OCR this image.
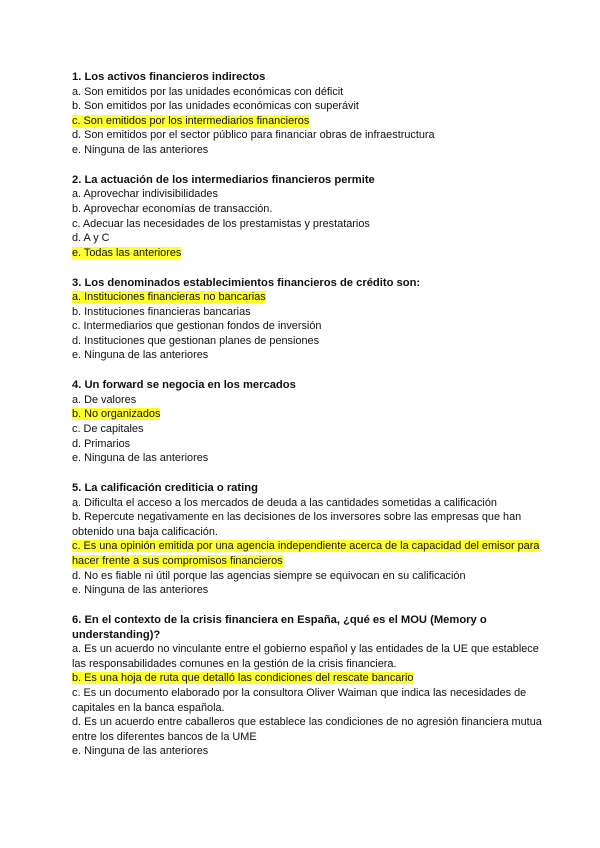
1. Los activos financieros indirectos

a. Son emitidos por las unidades económicas con déficit

b. Son emitidos por las unidades económicas con superávit

c. Son emitidos por los intermediarios financieros

d. Son emitidos por el sector público para financiar obras de infraestructura

e. Ninguna de las anteriores

2. La actuación de los intermediarios financieros permite

a. Aprovechar indivisibilidades

b. Aprovechar economías de transacción.

c. Adecuar las necesidades de los prestamistas y prestatarios

d. A y C

e. Todas las anteriores

3. Los denominados establecimientos financieros de crédito son:

a. Instituciones financieras no bancarias

b. Instituciones financieras bancarias

c. Intermediarios que gestionan fondos de inversión

d. Instituciones que gestionan planes de pensiones

e. Ninguna de las anteriores

4. Un forward se negocia en los mercados

a. De valores

b. No organizados

c. De capitales

d. Primarios

e. Ninguna de las anteriores

5. La calificación crediticia o rating

a. Dificulta el acceso a los mercados de deuda a las cantidades sometidas a calificación

b. Repercute negativamente en las decisiones de los inversores sobre las empresas que han obtenido una baja calificación.

c. Es una opinión emitida por una agencia independiente acerca de la capacidad del emisor para hacer frente a sus compromisos financieros

d. No es fiable ni útil porque las agencias siempre se equivocan en su calificación

e. Ninguna de las anteriores

6. En el contexto de la crisis financiera en España, ¿qué es el MOU (Memory o understanding)?

a. Es un acuerdo no vinculante entre el gobierno español y las entidades de la UE que establece las responsabilidades comunes en la gestión de la crisis financiera.

b. Es una hoja de ruta que detalló las condiciones del rescate bancario

c. Es un documento elaborado por la consultora Oliver Waiman que indica las necesidades de capitales en la banca española.

d. Es un acuerdo entre caballeros que establece las condiciones de no agresión financiera mutua entre los diferentes bancos de la UME

e. Ninguna de las anteriores
